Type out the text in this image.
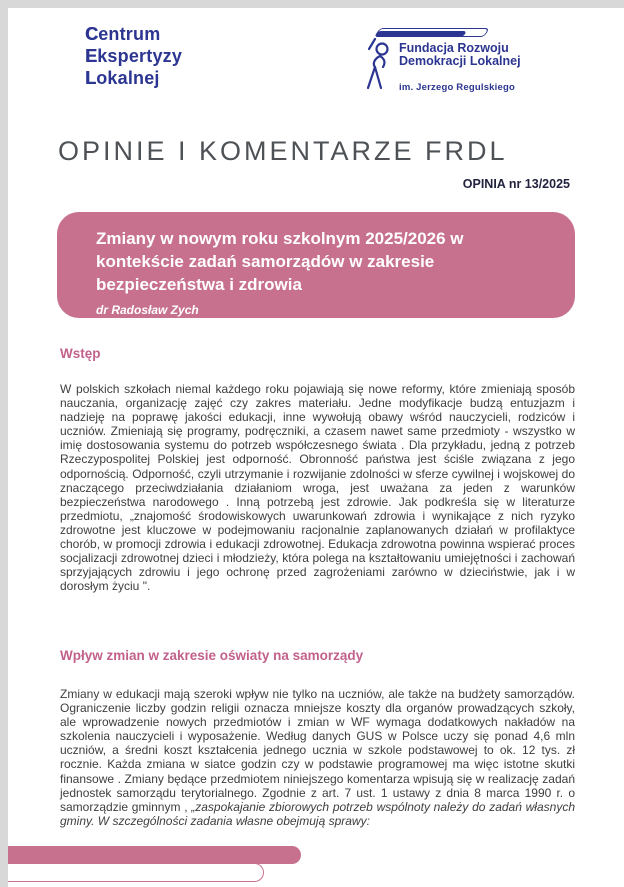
Centrum
Ekspertyzy
Lokalnej
Fundacja Rozwoju
Demokracji Lokalnej
im. Jerzego Regulskiego
OPINIE I KOMENTARZE FRDL
OPINIA nr 13/2025
Zmiany w nowym roku szkolnym 2025/2026 w kontekście zadań samorządów w zakresie bezpieczeństwa i zdrowia
dr Radosław Zych
Wstęp

W polskich szkołach niemal każdego roku pojawiają się nowe reformy, które zmieniają sposób nauczania, organizację zajęć czy zakres materiału. Jedne modyfikacje budzą entuzjazm i nadzieję na poprawę jakości edukacji, inne wywołują obawy wśród nauczycieli, rodziców i uczniów. Zmieniają się programy, podręczniki, a czasem nawet same przedmioty - wszystko w imię dostosowania systemu do potrzeb współczesnego świata . Dla przykładu, jedną z potrzeb Rzeczypospolitej Polskiej jest odporność. Obronność państwa jest ściśle związana z jego odpornością. Odporność, czyli utrzymanie i rozwijanie zdolności w sferze cywilnej i wojskowej do znaczącego przeciwdziałania działaniom wroga, jest uważana za jeden z warunków bezpieczeństwa narodowego . Inną potrzebą jest zdrowie. Jak podkreśla się w literaturze przedmiotu, „znajomość środowiskowych uwarunkowań zdrowia i wynikające z nich ryzyko zdrowotne jest kluczowe w podejmowaniu racjonalnie zaplanowanych działań w profilaktyce chorób, w promocji zdrowia i edukacji zdrowotnej. Edukacja zdrowotna powinna wspierać proces socjalizacji zdrowotnej dzieci i młodzieży, która polega na kształtowaniu umiejętności i zachowań sprzyjających zdrowiu i jego ochronę przed zagrożeniami zarówno w dzieciństwie, jak i w dorosłym życiu ".

Wpływ zmian w zakresie oświaty na samorządy

Zmiany w edukacji mają szeroki wpływ nie tylko na uczniów, ale także na budżety samorządów. Ograniczenie liczby godzin religii oznacza mniejsze koszty dla organów prowadzących szkoły, ale wprowadzenie nowych przedmiotów i zmian w WF wymaga dodatkowych nakładów na szkolenia nauczycieli i wyposażenie. Według danych GUS w Polsce uczy się ponad 4,6 mln uczniów, a średni koszt kształcenia jednego ucznia w szkole podstawowej to ok. 12 tys. zł rocznie. Każda zmiana w siatce godzin czy w podstawie programowej ma więc istotne skutki finansowe . Zmiany będące przedmiotem niniejszego komentarza wpisują się w realizację zadań jednostek samorządu terytorialnego. Zgodnie z art. 7 ust. 1 ustawy z dnia 8 marca 1990 r. o samorządzie gminnym , „zaspokajanie zbiorowych potrzeb wspólnoty należy do zadań własnych gminy. W szczególności zadania własne obejmują sprawy:
